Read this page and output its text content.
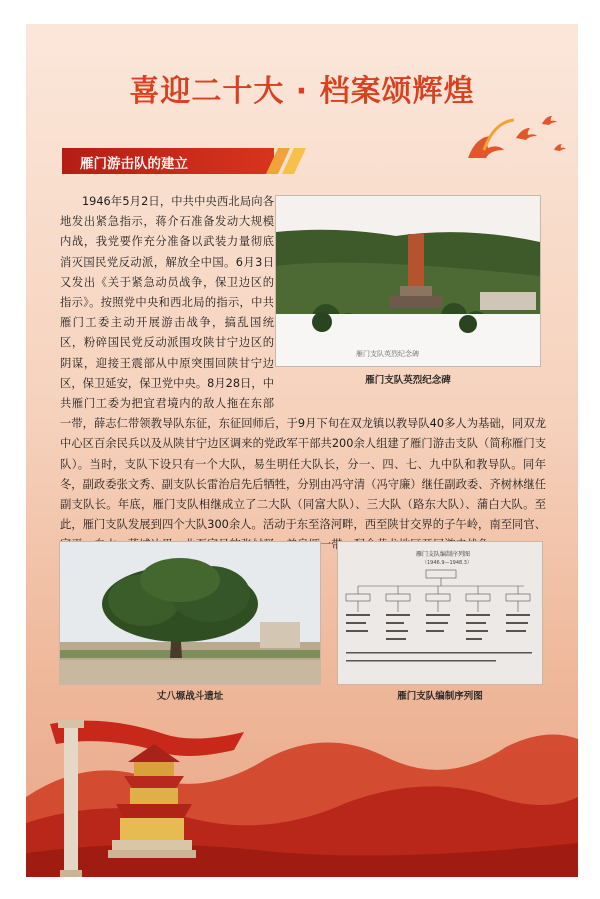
喜迎二十大 · 档案颂辉煌
雁门游击队的建立
1946年5月2日，中共中央西北局向各地发出紧急指示，蒋介石准备发动大规模内战，我党要作充分准备以武装力量彻底消灭国民党反动派，解放全中国。6月3日又发出《关于紧急动员战争，保卫边区的指示》。按照党中央和西北局的指示，中共雁门工委主动开展游击战争，搞乱国统区，粉碎国民党反动派围攻陕甘宁边区的阴谋，迎接王震部从中原突围回陕甘宁边区，保卫延安，保卫党中央。8月28日，中共雁门工委为把宜君境内的敌人拖在东部一带，薛志仁带领教导队东征，东征回师后，于9月下旬在双龙镇以教导队40多人为基础，同双龙中心区百余民兵以及从陕甘宁边区调来的党政军干部共200余人组建了雁门游击支队（简称雁门支队）。当时，支队下设只有一个大队，易生明任大队长，分一、四、七、九中队和教导队。同年冬，副政委张文秀、副支队长雷治启先后牺牲，分别由冯守清（冯守廉）继任副政委、齐树林继任副支队长。年底，雁门支队相继成立了二大队（同富大队）、三大队（路东大队）、蒲白大队。至此，雁门支队发展到四个大队300余人。活动于东至洛河畔，西至陕甘交界的子午岭，南至同官、 一带
雁门支队英烈纪念碑
雁门支队英烈纪念碑
丈八塬战斗遗址
雁门支队编制序列图
（1946.9—1948.3）
雁门支队编制序列图
